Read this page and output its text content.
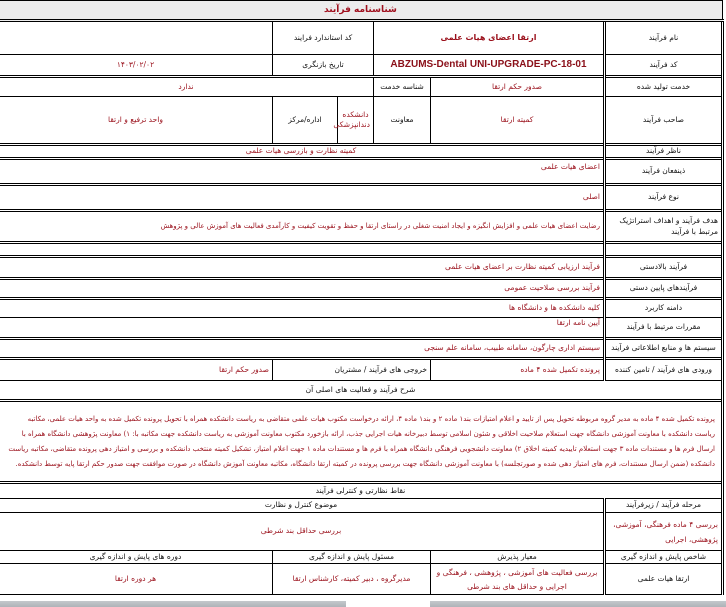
شناسنامه فرآیند					
نام فرآیند	ارتقا اعضای هیات علمی		کد استاندارد فرایند		
کد فرآیند	ABZUMS-Dental UNI-UPGRADE-PC-18-01		تاریخ بازنگری		۱۴۰۳/۰۲/۰۲
خدمت تولید شده	صدور حکم ارتقا	شناسه خدمت	ندارد		
صاحب فرآیند	کمیته ارتقا	معاونت	دانشکده دندانپزشکی	اداره/مرکز	واحد ترفیع و ارتقا
ناظر فرآیند	کمیته نظارت و بازرسی هیات علمی				
ذینفعان فرآیند	اعضای هیات علمی				
نوع فرآیند	اصلی				
هدف فرآیند و اهداف استراتژیک مرتبط با فرآیند	رضایت اعضای هیات علمی و افزایش انگیزه و ایجاد امنیت شغلی در راستای ارتقا و حفظ و تقویت کیفیت و کارآمدی فعالیت های آموزش عالی و پژوهش				

فرآیند بالادستی	فرآیند ارزیابی کمیته نظارت بر اعضای هیات علمی				
فرآیندهای پایین دستی	فرآیند بررسی صلاحیت عمومی				
دامنه کاربرد	کلیه دانشکده ها و دانشگاه ها				
مقررات مرتبط با فرآیند	آیین نامه ارتقا				
سیستم ها و منابع اطلاعاتی فرآیند	سیستم اداری چارگون، سامانه طبیب، سامانه علم سنجی				
ورودی های فرآیند / تامین کننده	پرونده تکمیل شده ۴ ماده	خروجی های فرآیند / مشتریان			صدور حکم ارتقا
شرح فرآیند و فعالیت های اصلی آن					
پرونده تکمیل شده ۴ ماده به مدیر گروه مربوطه تحویل پس از تایید و اعلام امتیازات بند۱ ماده ۲ و بند۱ ماده ۴، ارائه درخواست مکتوب هیات علمی متقاضی به ریاست دانشکده همراه با تحویل پرونده تکمیل شده به واحد هیات علمی، مکاتبه ریاست دانشکده با معاونت آموزشی دانشگاه جهت استعلام صلاحیت اخلاقی و شئون اسلامی توسط دبیرخانه هیات اجرایی جذب، ارائه بازخورد مکتوب معاونت آموزشی به ریاست دانشکده جهت مکاتبه با: ۱) معاونت پژوهشی دانشگاه همراه با ارسال فرم ها و مستندات ماده ۳ جهت استعلام تاییدیه کمیته اخلاق ۲) معاونت دانشجویی فرهنگی دانشگاه همراه با فرم ها و مستندات ماده ۱ جهت اعلام امتیاز، تشکیل کمیته منتخب دانشکده و بررسی و امتیاز دهی پرونده متقاضی، مکاتبه ریاست دانشکده (ضمن ارسال مستندات، فرم های امتیاز دهی شده و صورتجلسه) با معاونت آموزشی دانشگاه جهت بررسی پرونده در کمیته ارتقا دانشگاه، مکاتبه معاونت آموزش دانشگاه در صورت موافقت جهت صدور حکم ارتقا پایه توسط دانشکده.					
نقاط نظارتی و کنترلی فرآیند					
مرحله فرآیند / زیرفرآیند	موضوع کنترل و نظارت				
بررسی ۴ ماده فرهنگی، آموزشی، پژوهشی، اجرایی	بررسی حداقل بند شرطی				
شاخص پایش و اندازه گیری	معیار پذیرش	مسئول پایش و اندازه گیری			دوره های پایش و اندازه گیری
ارتقا هیات علمی	بررسی فعالیت های آموزشی ، پژوهشی ، فرهنگی و اجرایی و حداقل های بند شرطی	مدیرگروه ، دبیر کمیته، کارشناس ارتقا			هر دوره ارتقا
